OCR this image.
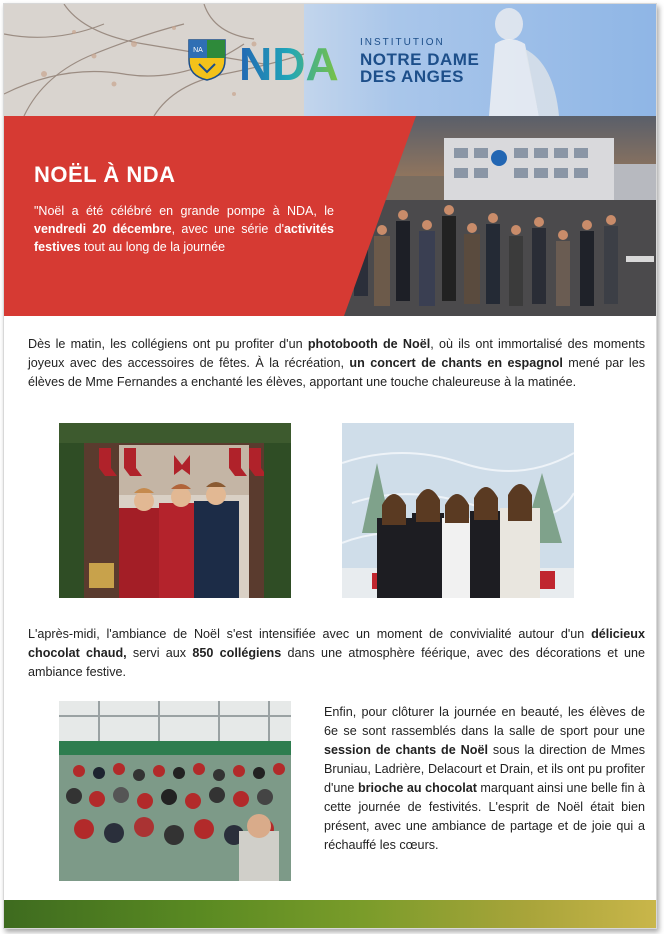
NA NDA INSTITUTION
NOTRE DAME
DES ANGES
NOËL À NDA
"Noël a été célébré en grande pompe à NDA, le vendredi 20 décembre, avec une série d'activités festives tout au long de la journée
Dès le matin, les collégiens ont pu profiter d'un photobooth de Noël, où ils ont immortalisé des moments joyeux avec des accessoires de fêtes. À la récréation, un concert de chants en espagnol mené par les élèves de Mme Fernandes a enchanté les élèves, apportant une touche chaleureuse à la matinée.
L'après-midi, l'ambiance de Noël s'est intensifiée avec un moment de convivialité autour d'un délicieux chocolat chaud, servi aux 850 collégiens dans une atmosphère féérique, avec des décorations et une ambiance festive.
Enfin, pour clôturer la journée en beauté, les élèves de 6e se sont rassemblés dans la salle de sport pour une session de chants de Noël sous la direction de Mmes Bruniau, Ladrière, Delacourt et Drain, et ils ont pu profiter d'une brioche au chocolat marquant ainsi une belle fin à cette journée de festivités. L'esprit de Noël était bien présent, avec une ambiance de partage et de joie qui a réchauffé les cœurs.
